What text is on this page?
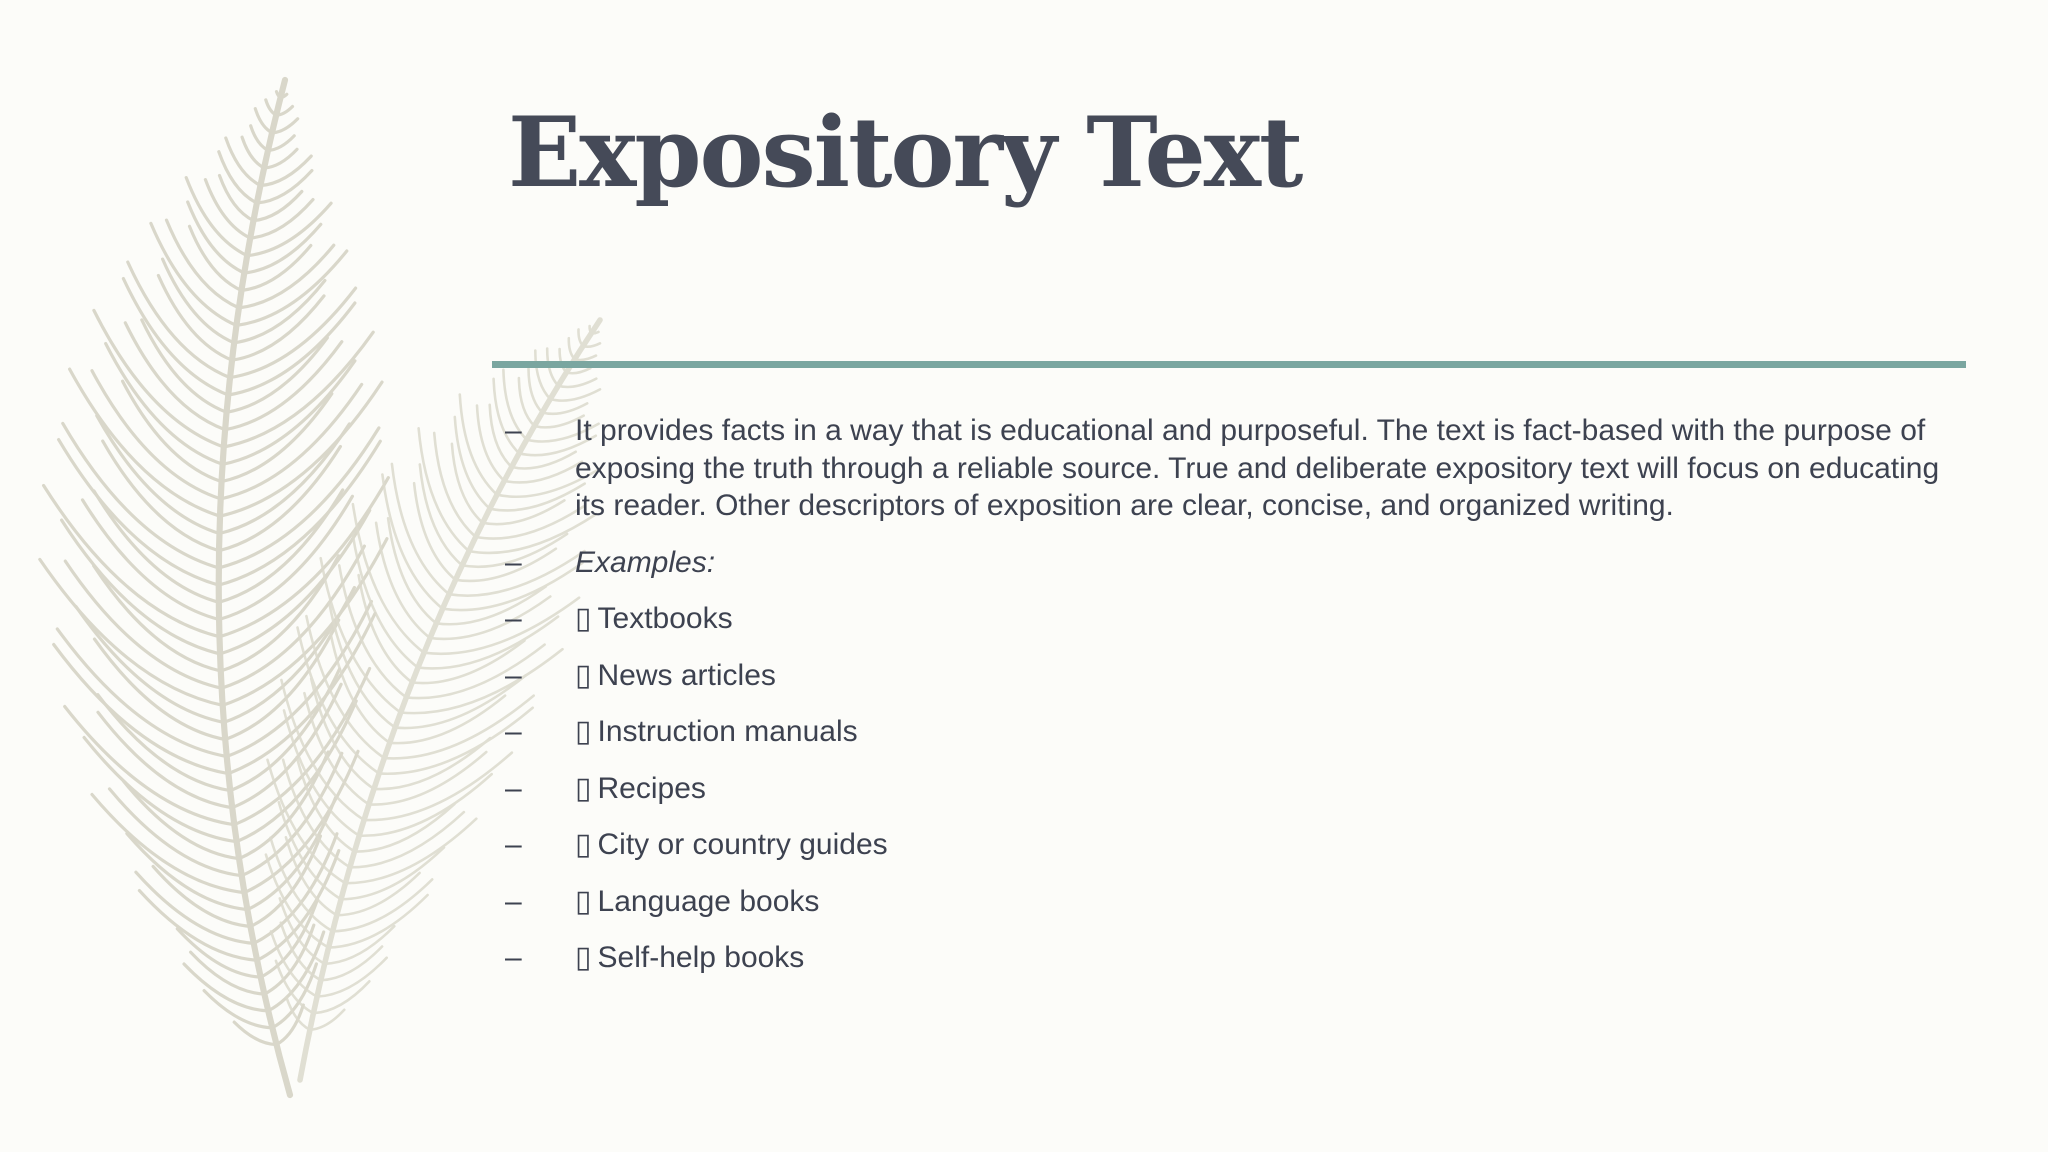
Expository Text
–	It provides facts in a way that is educational and purposeful. The text is fact-based with the purpose of exposing the truth through a reliable source. True and deliberate expository text will focus on educating its reader. Other descriptors of exposition are clear, concise, and organized writing.
–	Examples:
–	▯ Textbooks
–	▯ News articles
–	▯ Instruction manuals
–	▯ Recipes
–	▯ City or country guides
–	▯ Language books
–	▯ Self-help books
